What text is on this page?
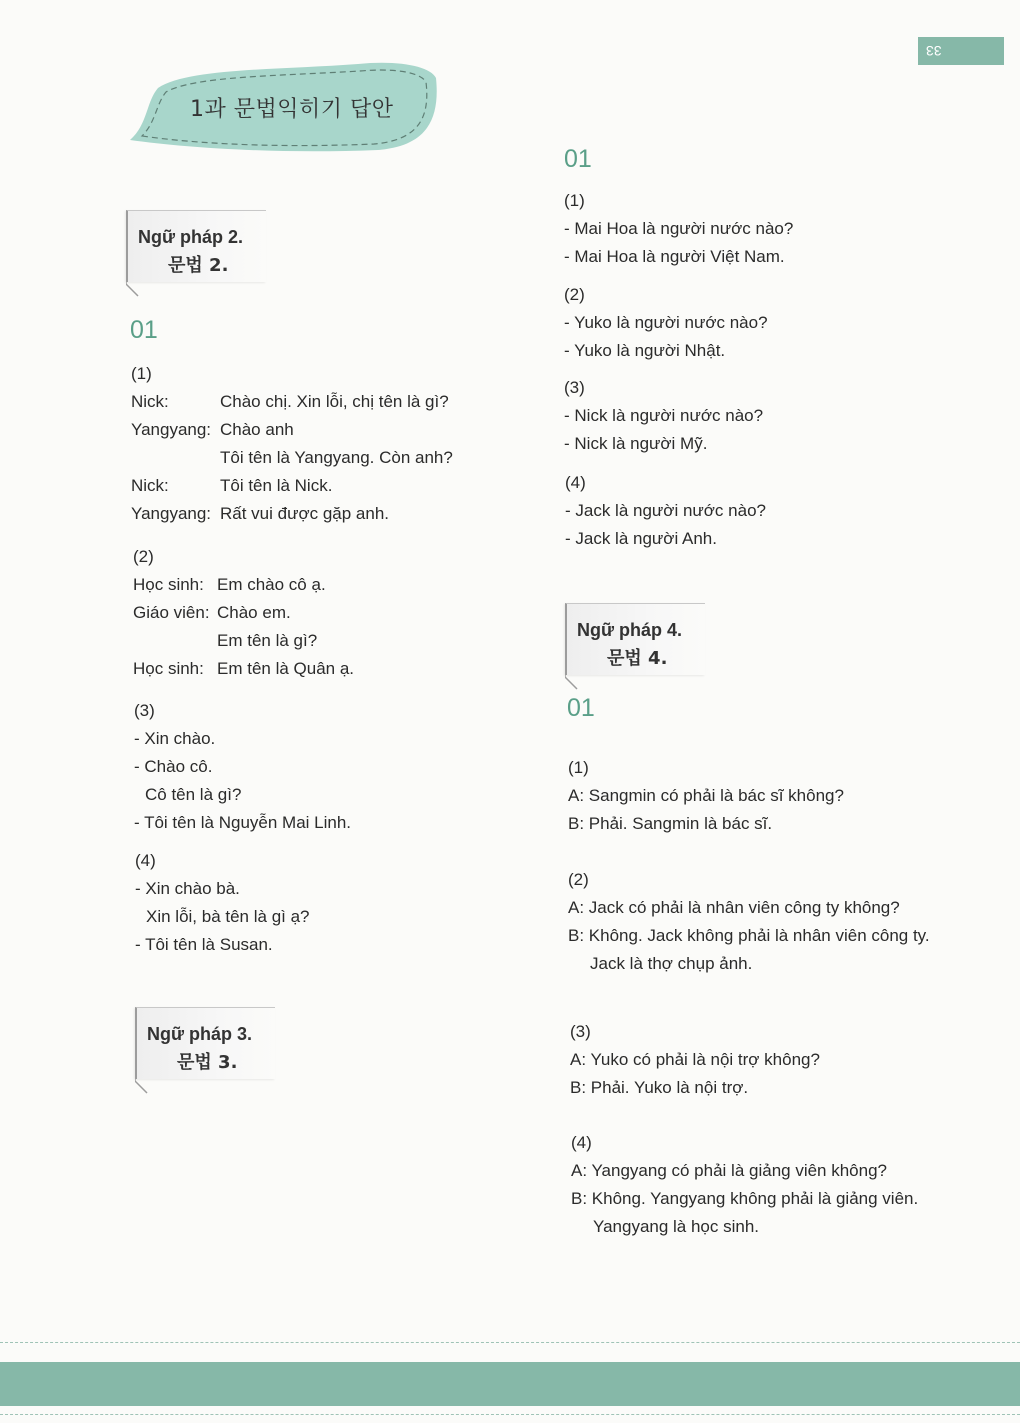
33
1과 문법익히기 답안
Ngữ pháp 2.
문법 2.
01
(1)
Nick:	Chào chị. Xin lỗi, chị tên là gì?
Yangyang: Chào anh
Tôi tên là Yangyang. Còn anh?
Nick:	Tôi tên là Nick.
Yangyang: Rất vui được gặp anh.
(2)
Học sinh: Em chào cô ạ.
Giáo viên: Chào em.
Em tên là gì?
Học sinh: Em tên là Quân ạ.
(3)
- Xin chào.
- Chào cô.
Cô tên là gì?
- Tôi tên là Nguyễn Mai Linh.
(4)
- Xin chào bà.
Xin lỗi, bà tên là gì ạ?
- Tôi tên là Susan.
Ngữ pháp 3.
문법 3.
01
(1)
- Mai Hoa là người nước nào?
- Mai Hoa là người Việt Nam.
(2)
- Yuko là người nước nào?
- Yuko là người Nhật.
(3)
- Nick là người nước nào?
- Nick là người Mỹ.
(4)
- Jack là người nước nào?
- Jack là người Anh.
Ngữ pháp 4.
문법 4.
01
(1)
A: Sangmin có phải là bác sĩ không?
B: Phải. Sangmin là bác sĩ.
(2)
A: Jack có phải là nhân viên công ty không?
B: Không. Jack không phải là nhân viên công ty.
Jack là thợ chụp ảnh.
(3)
A: Yuko có phải là nội trợ không?
B: Phải. Yuko là nội trợ.
(4)
A: Yangyang có phải là giảng viên không?
B: Không. Yangyang không phải là giảng viên.
Yangyang là học sinh.
